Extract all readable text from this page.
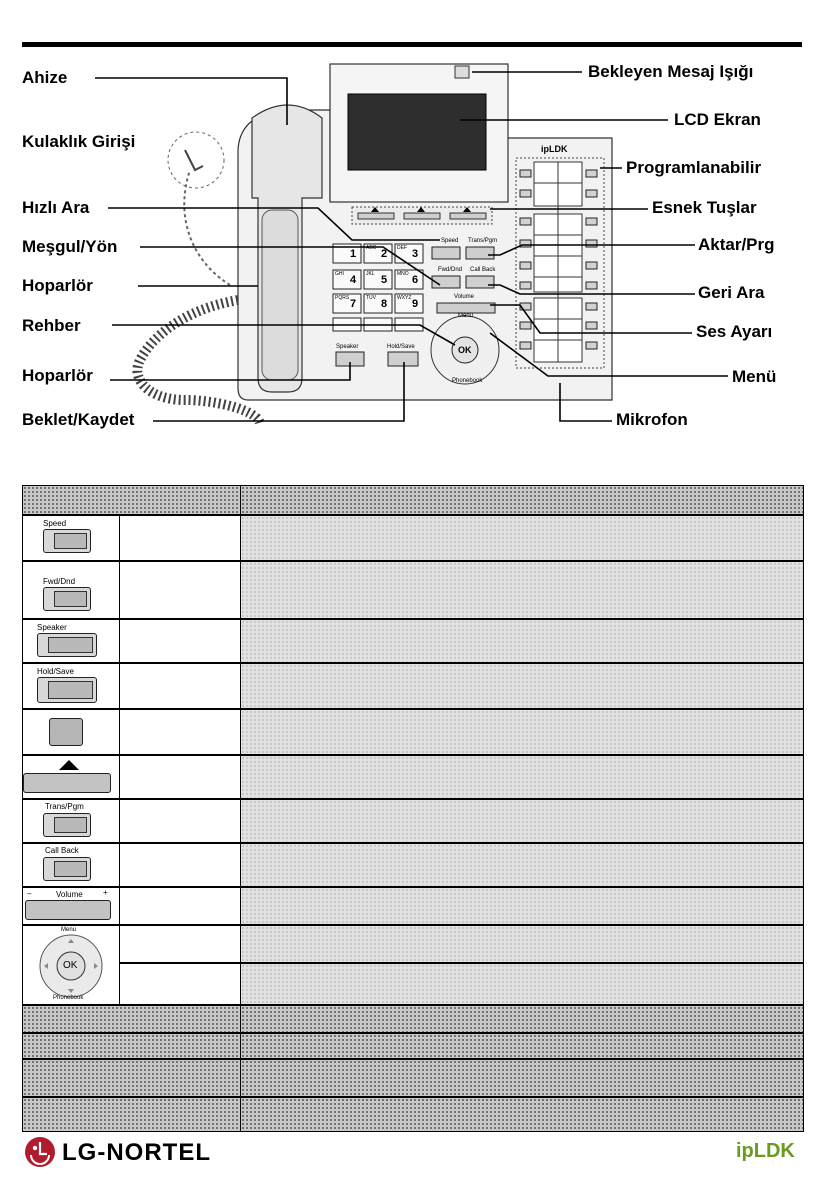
Speed Trans/Pgm
Fwd/Dnd Call Back
Volume
Menu
OK
Phonebook
Speaker	Hold/Save
ipLDK
1 2
ABC	3
DEF
4
GHI	5
JKL	6
MNO
7
PQRS	8
TUV	9
WXYZ
Ahize
Kulaklık Girişi
Hızlı Ara
Meşgul/Yön
Hoparlör
Rehber
Hoparlör
Beklet/Kaydet
Bekleyen Mesaj Işığı
LCD Ekran
Programlanabilir
Esnek Tuşlar
Aktar/Prg
Geri Ara
Ses Ayarı
Menü
Mikrofon
Speed
Fwd/Dnd
Speaker
Hold/Save
Trans/Pgm
Call Back
–	Volume	+
Menu
OK
Phonebook
LG-NORTEL	ipLDK
